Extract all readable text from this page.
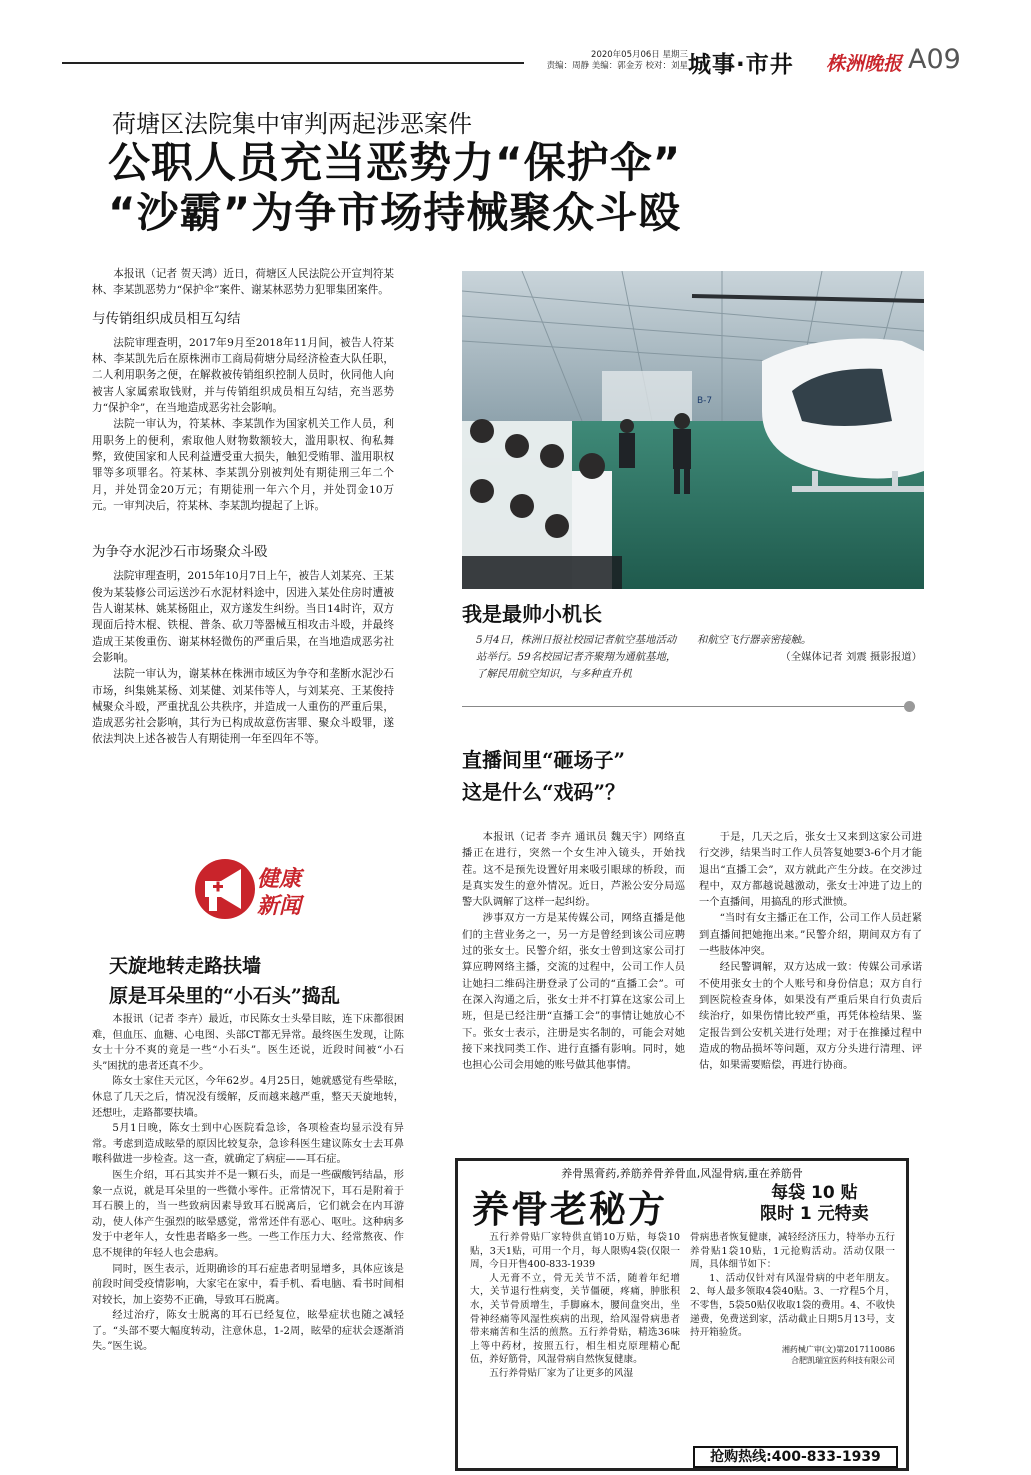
2020年05月06日 星期三
责编：周静 美编：郭金芳 校对：刘星 城事·市井 株洲晚报 A09
荷塘区法院集中审判两起涉恶案件
公职人员充当恶势力“保护伞”
“沙霸”为争市场持械聚众斗殴

本报讯（记者 贺天鸿）近日，荷塘区人民法院公开宣判符某林、李某凯恶势力“保护伞”案件、谢某林恶势力犯罪集团案件。

与传销组织成员相互勾结

法院审理查明，2017年9月至2018年11月间，被告人符某林、李某凯先后在原株洲市工商局荷塘分局经济检查大队任职，二人利用职务之便，在解救被传销组织控制人员时，伙同他人向被害人家属索取钱财，并与传销组织成员相互勾结，充当恶势力“保护伞”，在当地造成恶劣社会影响。

法院一审认为，符某林、李某凯作为国家机关工作人员，利用职务上的便利，索取他人财物数额较大，滥用职权、徇私舞弊，致使国家和人民利益遭受重大损失，触犯受贿罪、滥用职权罪等多项罪名。符某林、李某凯分别被判处有期徒刑三年二个月，并处罚金20万元；有期徒刑一年六个月，并处罚金10万元。一审判决后，符某林、李某凯均提起了上诉。

为争夺水泥沙石市场聚众斗殴

法院审理查明，2015年10月7日上午，被告人刘某亮、王某俊为某装修公司运送沙石水泥材料途中，因进入某处住房时遭被告人谢某林、姚某杨阻止，双方遂发生纠纷。当日14时许，双方现面后持木棍、铁棍、普条、砍刀等器械互相攻击斗殴，并最终造成王某俊重伤、谢某林轻微伤的严重后果，在当地造成恶劣社会影响。

法院一审认为，谢某林在株洲市域区为争夺和垄断水泥沙石市场，纠集姚某杨、刘某健、刘某伟等人，与刘某亮、王某俊持械聚众斗殴，严重扰乱公共秩序，并造成一人重伤的严重后果，造成恶劣社会影响，其行为已构成故意伤害罪、聚众斗殴罪，遂依法判决上述各被告人有期徒刑一年至四年不等。

B-7
我是最帅小机长
5月4日，株洲日报社校园记者航空基地活动站举行。59名校园记者齐聚翔为通航基地，了解民用航空知识，与多种直升机
和航空飞行器亲密接触。
（全媒体记者 刘震 摄影报道）
直播间里“砸场子”
这是什么“戏码”？

本报讯（记者 李卉 通讯员 魏天宇）网络直播正在进行，突然一个女生冲入镜头，开始找茬。这不是预先设置好用来吸引眼球的桥段，而是真实发生的意外情况。近日，芦淞公安分局巡警大队调解了这样一起纠纷。

涉事双方一方是某传媒公司，网络直播是他们的主营业务之一，另一方是曾经到该公司应聘过的张女士。民警介绍，张女士曾到这家公司打算应聘网络主播，交流的过程中，公司工作人员让她扫二维码注册登录了公司的“直播工会”。可在深入沟通之后，张女士并不打算在这家公司上班，但是已经注册“直播工会”的事情让她放心不下。张女士表示，注册是实名制的，可能会对她接下来找同类工作、进行直播有影响。同时，她也担心公司会用她的账号做其他事情。

于是，几天之后，张女士又来到这家公司进行交涉，结果当时工作人员答复她要3-6个月才能退出“直播工会”，双方就此产生分歧。在交涉过程中，双方都越说越激动，张女士冲进了边上的一个直播间，用搞乱的形式泄愤。

“当时有女主播正在工作，公司工作人员赶紧到直播间把她拖出来。”民警介绍，期间双方有了一些肢体冲突。

经民警调解，双方达成一致：传媒公司承诺不使用张女士的个人账号和身份信息；双方自行到医院检查身体，如果没有严重后果自行负责后续治疗，如果伤情比较严重，再凭体检结果、鉴定报告到公安机关进行处理；对于在推搡过程中造成的物品损坏等问题，双方分头进行清理、评估，如果需要赔偿，再进行协商。

健康
新闻
天旋地转走路扶墙
原是耳朵里的“小石头”捣乱

本报讯（记者 李卉）最近，市民陈女士头晕目眩，连下床都很困难，但血压、血糖、心电图、头部CT都无异常。最终医生发现，让陈女士十分不爽的竟是一些“小石头”。医生还说，近段时间被“小石头”困扰的患者还真不少。

陈女士家住天元区，今年62岁。4月25日，她就感觉有些晕眩，休息了几天之后，情况没有缓解，反而越来越严重，整天天旋地转，还想吐，走路都要扶墙。

5月1日晚，陈女士到中心医院看急诊，各项检查均显示没有异常。考虑到造成眩晕的原因比较复杂，急诊科医生建议陈女士去耳鼻喉科做进一步检查。这一查，就确定了病症——耳石症。

医生介绍，耳石其实并不是一颗石头，而是一些碳酸钙结晶，形象一点说，就是耳朵里的一些微小零件。正常情况下，耳石是附着于耳石膜上的，当一些致病因素导致耳石脱离后，它们就会在内耳游动，使人体产生强烈的眩晕感觉，常常还伴有恶心、呕吐。这种病多发于中老年人，女性患者略多一些。一些工作压力大、经常熬夜、作息不规律的年轻人也会患病。

同时，医生表示，近期确诊的耳石症患者明显增多，具体应该是前段时间受疫情影响，大家宅在家中，看手机、看电脑、看书时间相对较长，加上姿势不正确，导致耳石脱离。

经过治疗，陈女士脱离的耳石已经复位，眩晕症状也随之减轻了。“头部不要大幅度转动，注意休息，1-2周，眩晕的症状会逐渐消失。”医生说。

养骨黑膏药,养筋养骨养骨血,风湿骨病,重在养筋骨
养骨老秘方	每袋 10 贴
限时 1 元特卖

五行养骨贴厂家特供直销10万贴，每袋10贴，3天1贴，可用一个月，每人限购4袋(仅限一周，今日开售400-833-1939

人无膏不立，骨无关节不活，随着年纪增大，关节退行性病变，关节僵硬，疼痛，肿胀积水，关节骨质增生，手脚麻木，腰间盘突出，坐骨神经痛等风湿性疾病的出现，给风湿骨病患者带来痛苦和生活的煎熬。五行养骨贴，精选36味上等中药材，按照五行，相生相克原理精心配伍，养好筋骨，风湿骨病自然恢复健康。

五行养骨贴厂家为了让更多的风湿

骨病患者恢复健康，减轻经济压力，特举办五行养骨贴1袋10贴，1元抢购活动。活动仅限一周，具体细节如下：

1、活动仅针对有风湿骨病的中老年朋友。2、每人最多领取4袋40贴。3、一疗程5个月，不零售，5袋50贴仅收取1袋的费用。4、不收快递费，免费送到家，活动截止日期5月13号，支持开箱验货。

湘药械广审(文)第2017110086
合肥凯瑞宜医药科技有限公司
抢购热线:400-833-1939
